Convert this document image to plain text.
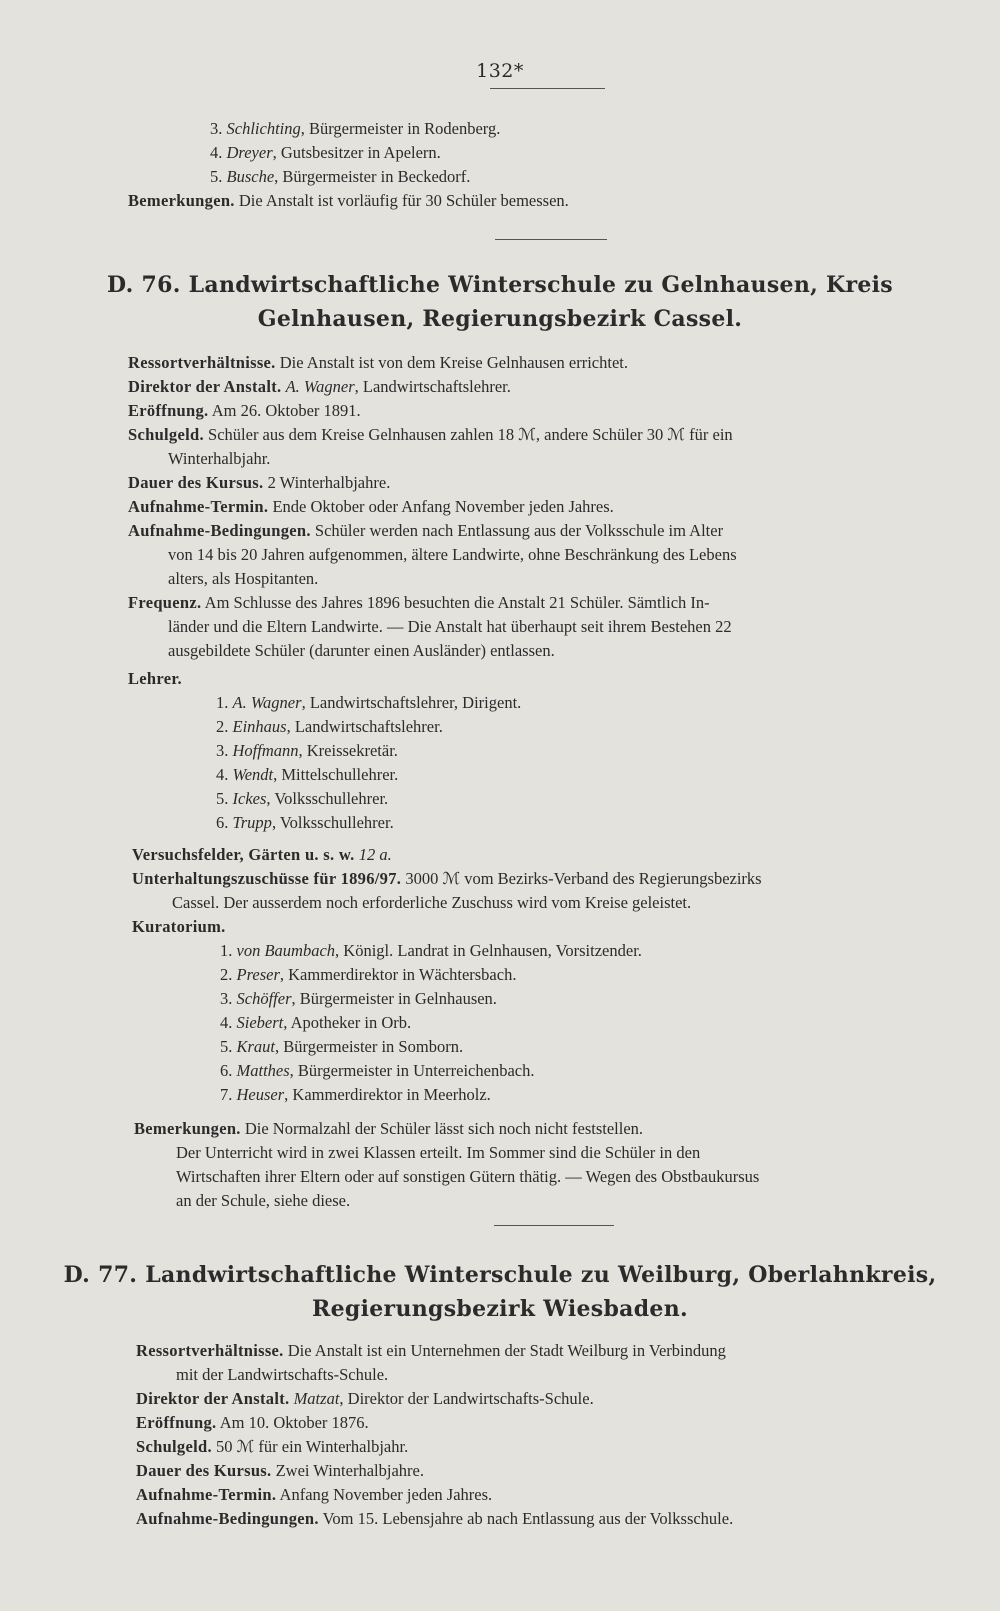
132*
3. Schlichting, Bürgermeister in Rodenberg.
4. Dreyer, Gutsbesitzer in Apelern.
5. Busche, Bürgermeister in Beckedorf.
Bemerkungen. Die Anstalt ist vorläufig für 30 Schüler bemessen.
D. 76. Landwirtschaftliche Winterschule zu Gelnhausen, Kreis
Gelnhausen, Regierungsbezirk Cassel.
Ressortverhältnisse. Die Anstalt ist von dem Kreise Gelnhausen errichtet.
Direktor der Anstalt. A. Wagner, Landwirtschaftslehrer.
Eröffnung. Am 26. Oktober 1891.
Schulgeld. Schüler aus dem Kreise Gelnhausen zahlen 18 ℳ, andere Schüler 30 ℳ für ein
Winterhalbjahr.
Dauer des Kursus. 2 Winterhalbjahre.
Aufnahme-Termin. Ende Oktober oder Anfang November jeden Jahres.
Aufnahme-Bedingungen. Schüler werden nach Entlassung aus der Volksschule im Alter
von 14 bis 20 Jahren aufgenommen, ältere Landwirte, ohne Beschränkung des Lebens
alters, als Hospitanten.
Frequenz. Am Schlusse des Jahres 1896 besuchten die Anstalt 21 Schüler. Sämtlich In-
länder und die Eltern Landwirte. — Die Anstalt hat überhaupt seit ihrem Bestehen 22
ausgebildete Schüler (darunter einen Ausländer) entlassen.
Lehrer.
1. A. Wagner, Landwirtschaftslehrer, Dirigent.
2. Einhaus, Landwirtschaftslehrer.
3. Hoffmann, Kreissekretär.
4. Wendt, Mittelschullehrer.
5. Ickes, Volksschullehrer.
6. Trupp, Volksschullehrer.
Versuchsfelder, Gärten u. s. w. 12 a.
Unterhaltungszuschüsse für 1896/97. 3000 ℳ vom Bezirks-Verband des Regierungsbezirks
Cassel. Der ausserdem noch erforderliche Zuschuss wird vom Kreise geleistet.
Kuratorium.
1. von Baumbach, Königl. Landrat in Gelnhausen, Vorsitzender.
2. Preser, Kammerdirektor in Wächtersbach.
3. Schöffer, Bürgermeister in Gelnhausen.
4. Siebert, Apotheker in Orb.
5. Kraut, Bürgermeister in Somborn.
6. Matthes, Bürgermeister in Unterreichenbach.
7. Heuser, Kammerdirektor in Meerholz.
Bemerkungen. Die Normalzahl der Schüler lässt sich noch nicht feststellen.
Der Unterricht wird in zwei Klassen erteilt. Im Sommer sind die Schüler in den
Wirtschaften ihrer Eltern oder auf sonstigen Gütern thätig. — Wegen des Obstbaukursus
an der Schule, siehe diese.
D. 77. Landwirtschaftliche Winterschule zu Weilburg, Oberlahnkreis,
Regierungsbezirk Wiesbaden.
Ressortverhältnisse. Die Anstalt ist ein Unternehmen der Stadt Weilburg in Verbindung
mit der Landwirtschafts-Schule.
Direktor der Anstalt. Matzat, Direktor der Landwirtschafts-Schule.
Eröffnung. Am 10. Oktober 1876.
Schulgeld. 50 ℳ für ein Winterhalbjahr.
Dauer des Kursus. Zwei Winterhalbjahre.
Aufnahme-Termin. Anfang November jeden Jahres.
Aufnahme-Bedingungen. Vom 15. Lebensjahre ab nach Entlassung aus der Volksschule.
